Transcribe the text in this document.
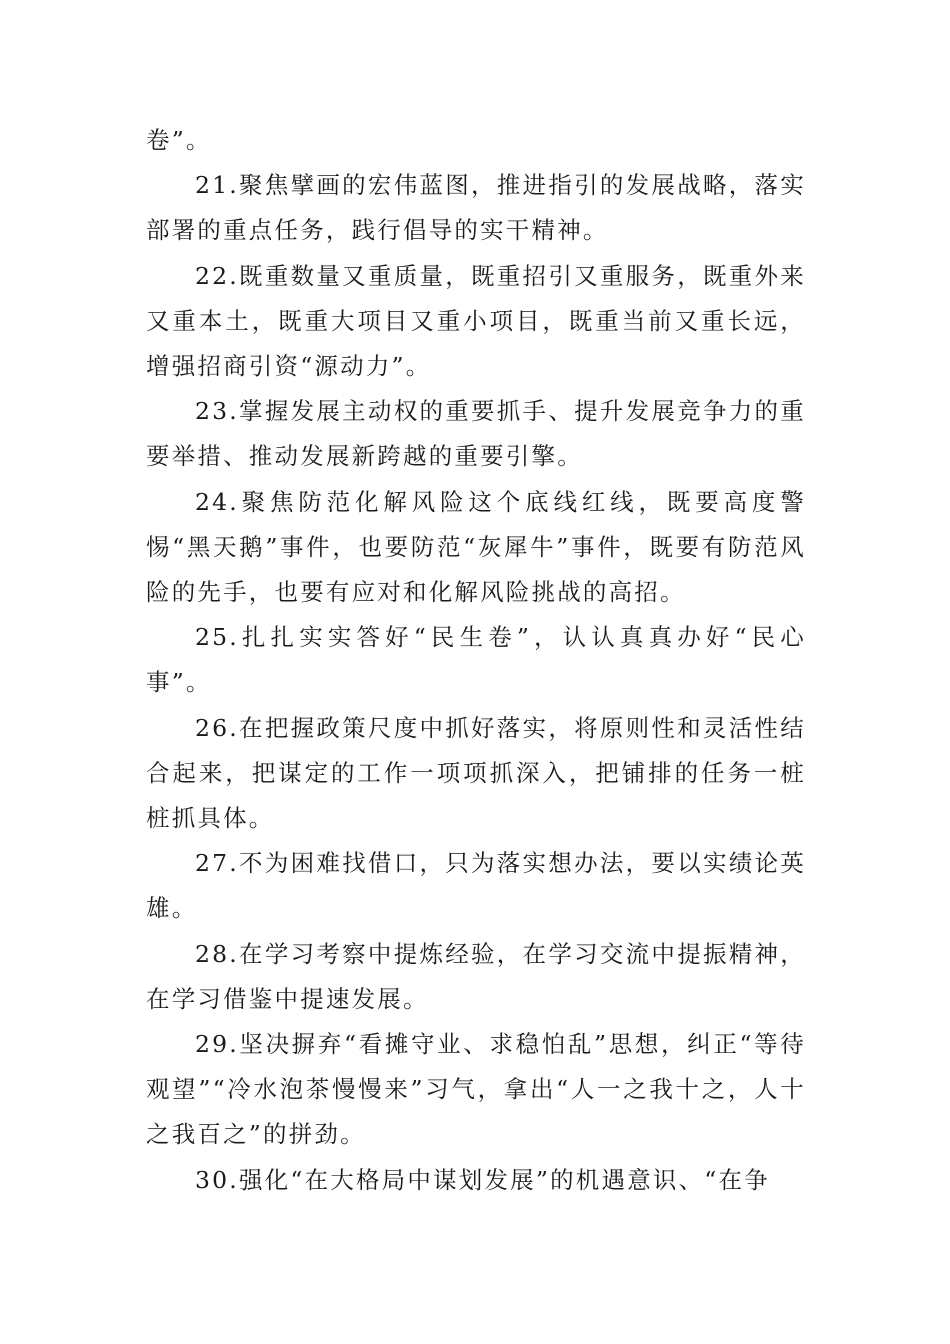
卷”。

21.聚焦擘画的宏伟蓝图，推进指引的发展战略，落实部署的重点任务，践行倡导的实干精神。

22.既重数量又重质量，既重招引又重服务，既重外来又重本土，既重大项目又重小项目，既重当前又重长远，增强招商引资“源动力”。

23.掌握发展主动权的重要抓手、提升发展竞争力的重要举措、推动发展新跨越的重要引擎。

24.聚焦防范化解风险这个底线红线，既要高度警惕“黑天鹅”事件，也要防范“灰犀牛”事件，既要有防范风险的先手，也要有应对和化解风险挑战的高招。

25.扎扎实实答好“民生卷”，认认真真办好“民心事”。

26.在把握政策尺度中抓好落实，将原则性和灵活性结合起来，把谋定的工作一项项抓深入，把铺排的任务一桩桩抓具体。

27.不为困难找借口，只为落实想办法，要以实绩论英雄。

28.在学习考察中提炼经验，在学习交流中提振精神，在学习借鉴中提速发展。

29.坚决摒弃“看摊守业、求稳怕乱”思想，纠正“等待观望”“冷水泡茶慢慢来”习气，拿出“人一之我十之，人十之我百之”的拼劲。

30.强化“在大格局中谋划发展”的机遇意识、“在争
